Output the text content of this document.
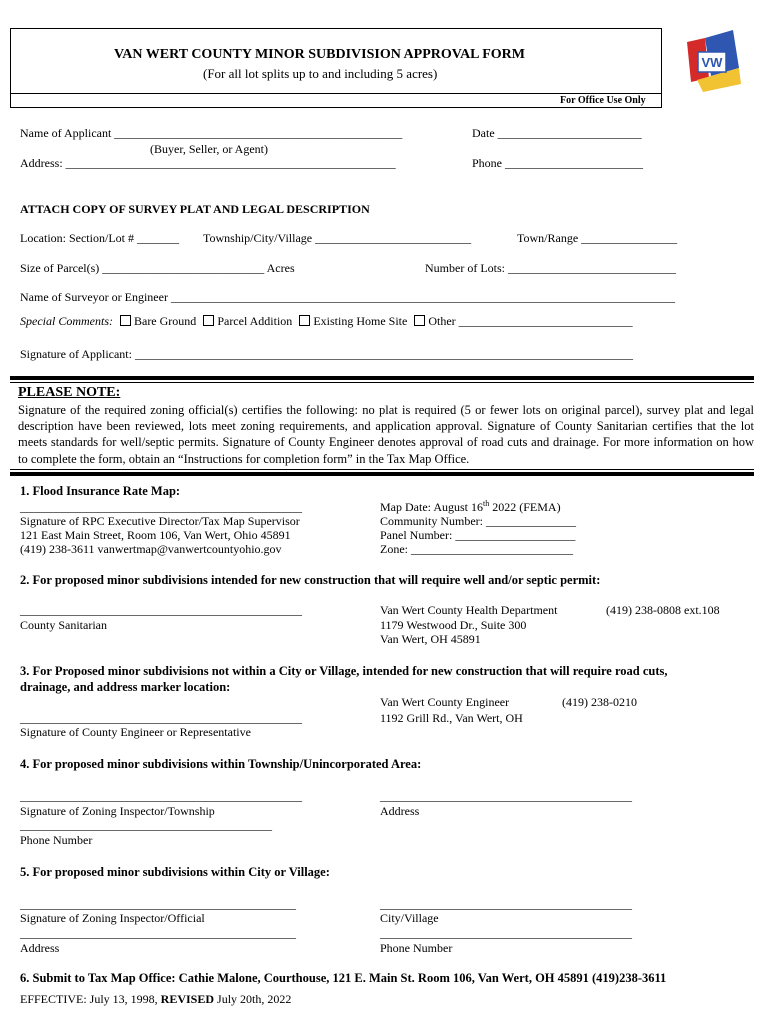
VAN WERT COUNTY MINOR SUBDIVISION APPROVAL FORM
(For all lot splits up to and including 5 acres)
For Office Use Only
VW
Name of Applicant ________________________________________________
(Buyer, Seller, or Agent)
Address: _______________________________________________________
Date ________________________
Phone _______________________
ATTACH COPY OF SURVEY PLAT AND LEGAL DESCRIPTION
Location: Section/Lot # _______ Township/City/Village __________________________	Town/Range ________________
Size of Parcel(s) ___________________________ Acres	Number of Lots: ____________________________
Name of Surveyor or Engineer ____________________________________________________________________________________
Special Comments: Bare Ground Parcel Addition Existing Home Site Other _____________________________
Signature of Applicant: ___________________________________________________________________________________
PLEASE NOTE:
Signature of the required zoning official(s) certifies the following: no plat is required (5 or fewer lots on original parcel), survey plat and legal description have been reviewed, lots meet zoning requirements, and application approval. Signature of County Sanitarian certifies that the lot meets standards for well/septic permits. Signature of County Engineer denotes approval of road cuts and drainage. For more information on how to complete the form, obtain an “Instructions for completion form” in the Tax Map Office.
1. Flood Insurance Rate Map:
_______________________________________________
Signature of RPC Executive Director/Tax Map Supervisor
121 East Main Street, Room 106, Van Wert, Ohio 45891
(419) 238-3611 vanwertmap@vanwertcountyohio.gov
Map Date: August 16th 2022 (FEMA)
Community Number: _______________
Panel Number: ____________________
Zone: ___________________________
2. For proposed minor subdivisions intended for new construction that will require well and/or septic permit:
_______________________________________________
County Sanitarian
Van Wert County Health Department	(419) 238-0808 ext.108
1179 Westwood Dr., Suite 300
Van Wert, OH 45891
3. For Proposed minor subdivisions not within a City or Village, intended for new construction that will require road cuts,
drainage, and address marker location:
Van Wert County Engineer	(419) 238-0210
1192 Grill Rd., Van Wert, OH
_______________________________________________
Signature of County Engineer or Representative
4. For proposed minor subdivisions within Township/Unincorporated Area:
_______________________________________________	__________________________________________
Signature of Zoning Inspector/Township	Address
__________________________________________
Phone Number
5. For proposed minor subdivisions within City or Village:
______________________________________________	__________________________________________
Signature of Zoning Inspector/Official	City/Village
______________________________________________	__________________________________________
Address	Phone Number
6. Submit to Tax Map Office: Cathie Malone, Courthouse, 121 E. Main St. Room 106, Van Wert, OH 45891 (419)238-3611
EFFECTIVE: July 13, 1998, REVISED July 20th, 2022
